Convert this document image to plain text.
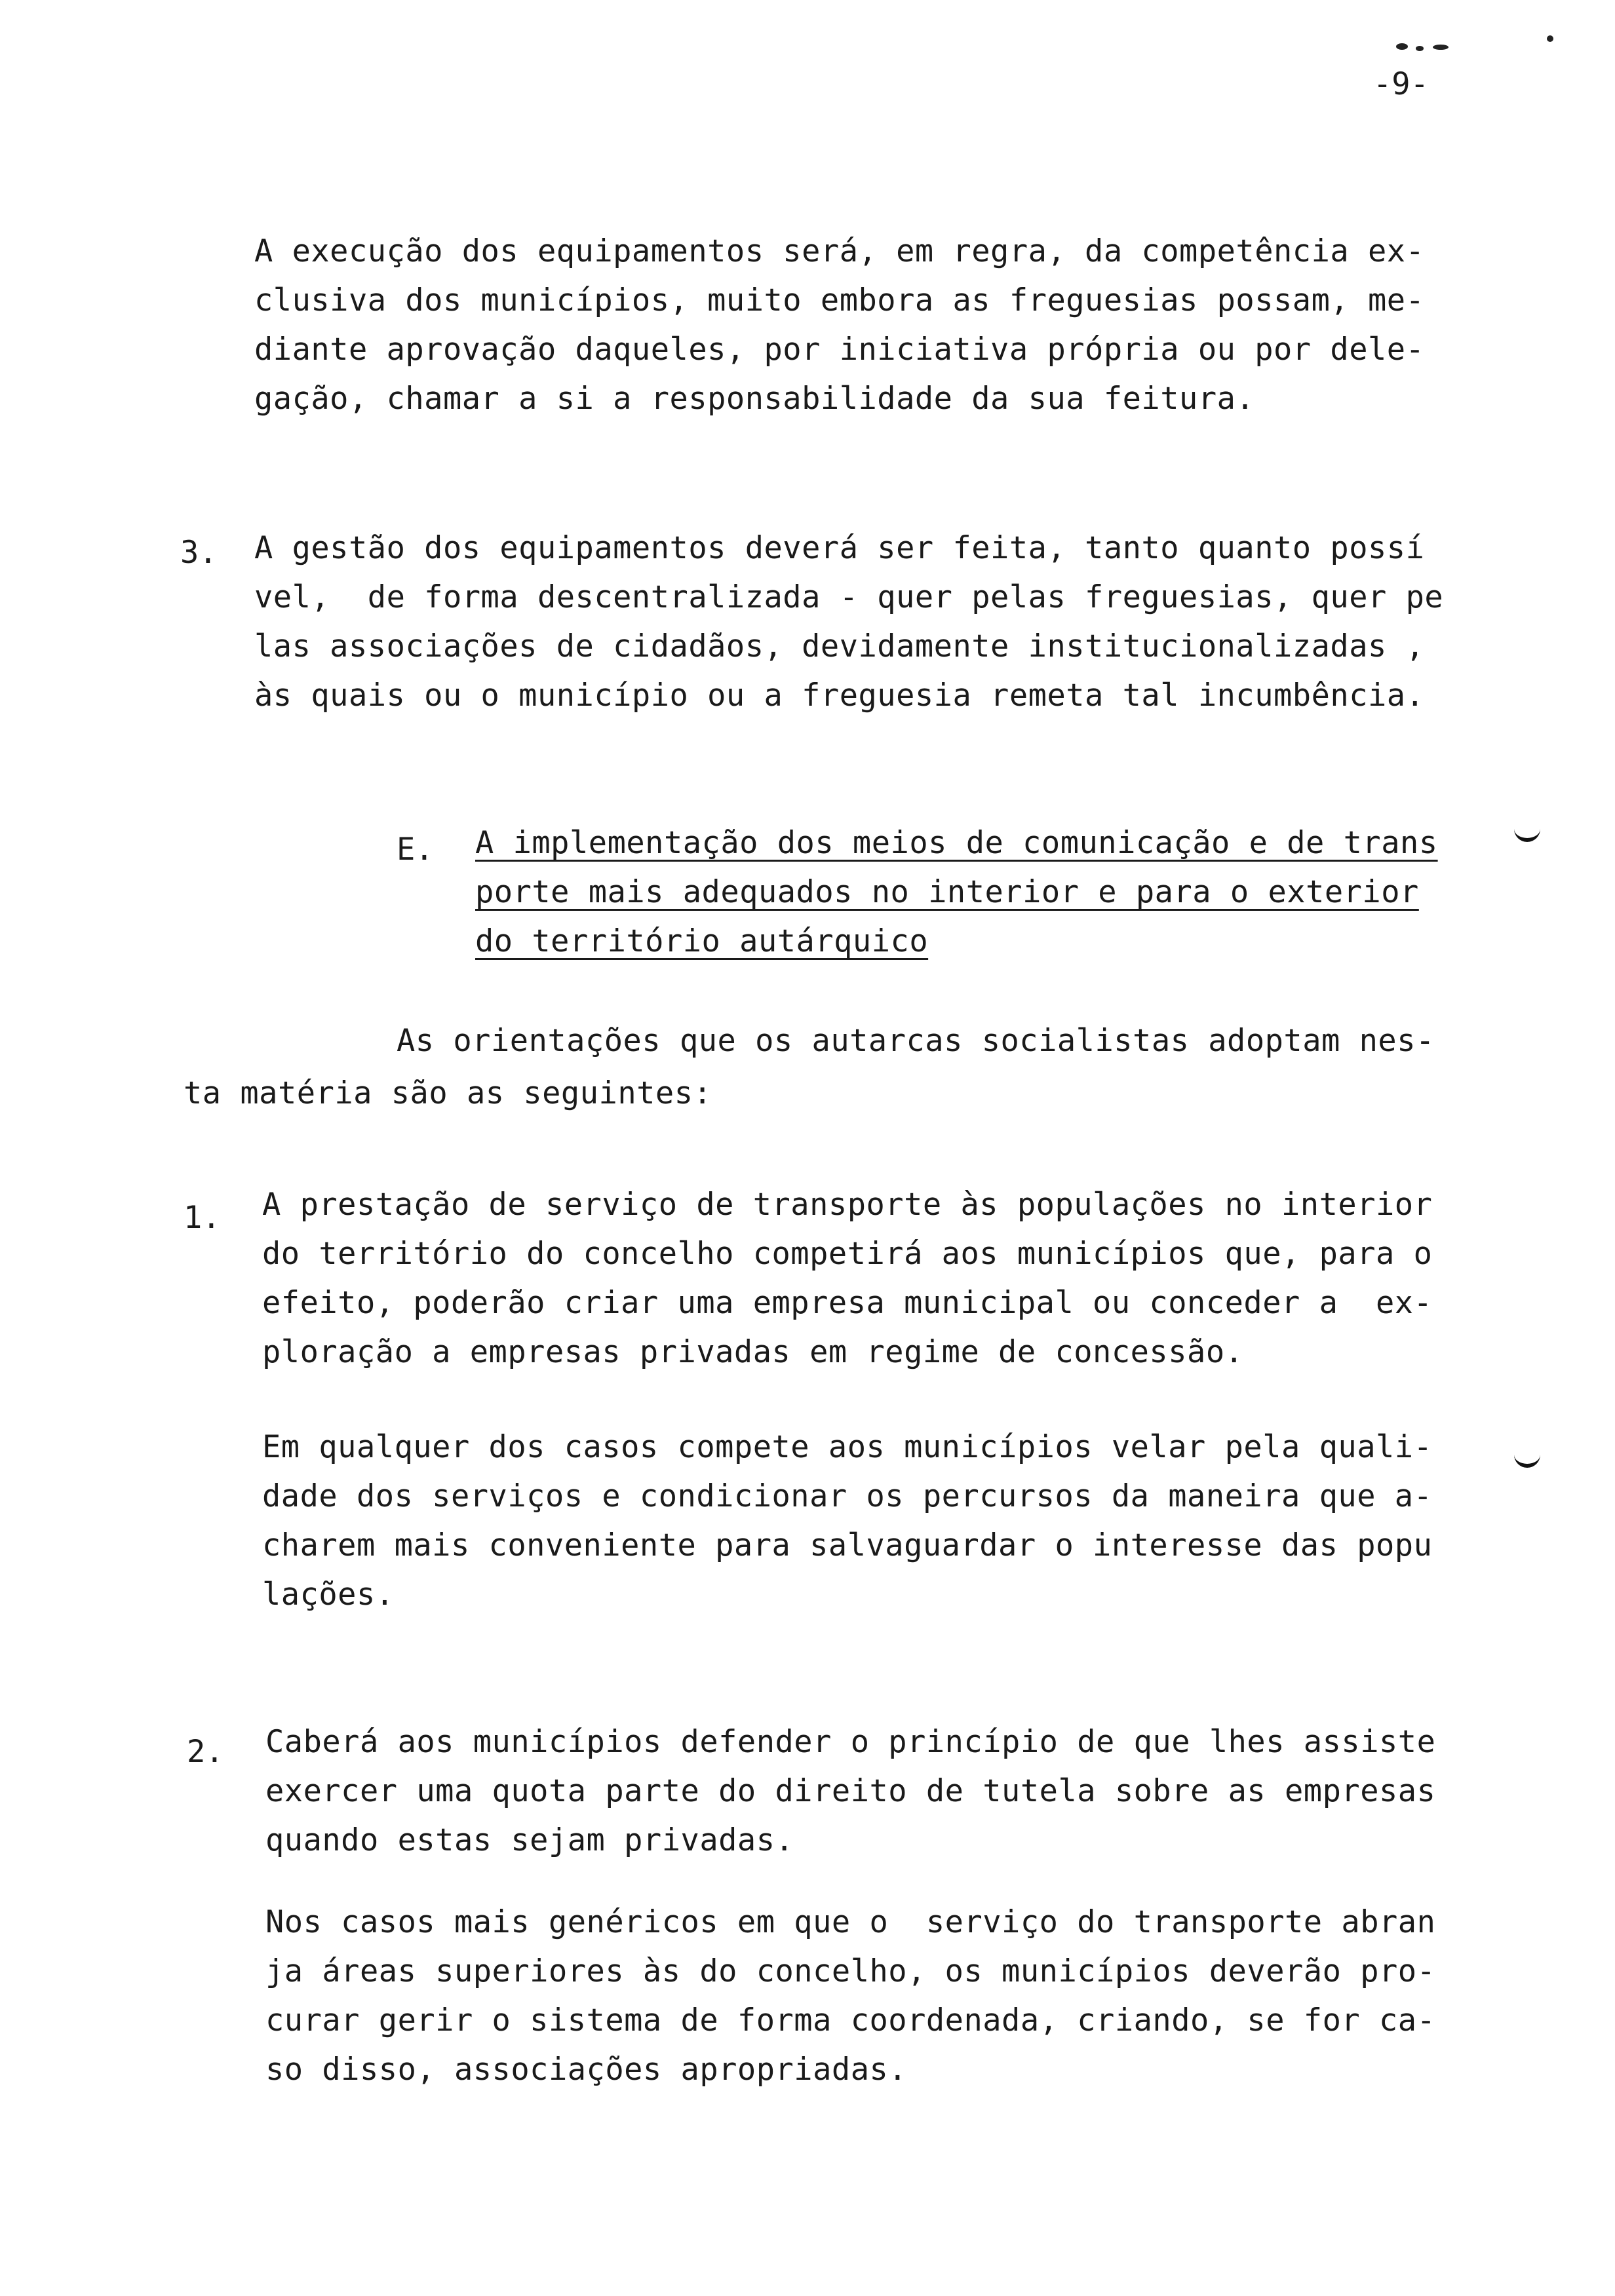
-9-
A execução dos equipamentos será, em regra, da competência ex-
clusiva dos municípios, muito embora as freguesias possam, me-
diante aprovação daqueles, por iniciativa própria ou por dele-
gação, chamar a si a responsabilidade da sua feitura.
3. A gestão dos equipamentos deverá ser feita, tanto quanto possí
vel,  de forma descentralizada - quer pelas freguesias, quer pe
las associações de cidadãos, devidamente institucionalizadas ,
às quais ou o município ou a freguesia remeta tal incumbência.
E. A implementação dos meios de comunicação e de trans
porte mais adequados no interior e para o exterior
do território autárquico
As orientações que os autarcas socialistas adoptam nes-
ta matéria são as seguintes:
1. A prestação de serviço de transporte às populações no interior
do território do concelho competirá aos municípios que, para o
efeito, poderão criar uma empresa municipal ou conceder a  ex-
ploração a empresas privadas em regime de concessão.
Em qualquer dos casos compete aos municípios velar pela quali-
dade dos serviços e condicionar os percursos da maneira que a-
charem mais conveniente para salvaguardar o interesse das popu
lações.
2. Caberá aos municípios defender o princípio de que lhes assiste
exercer uma quota parte do direito de tutela sobre as empresas
quando estas sejam privadas.
Nos casos mais genéricos em que o  serviço do transporte abran
ja áreas superiores às do concelho, os municípios deverão pro-
curar gerir o sistema de forma coordenada, criando, se for ca-
so disso, associações apropriadas.
